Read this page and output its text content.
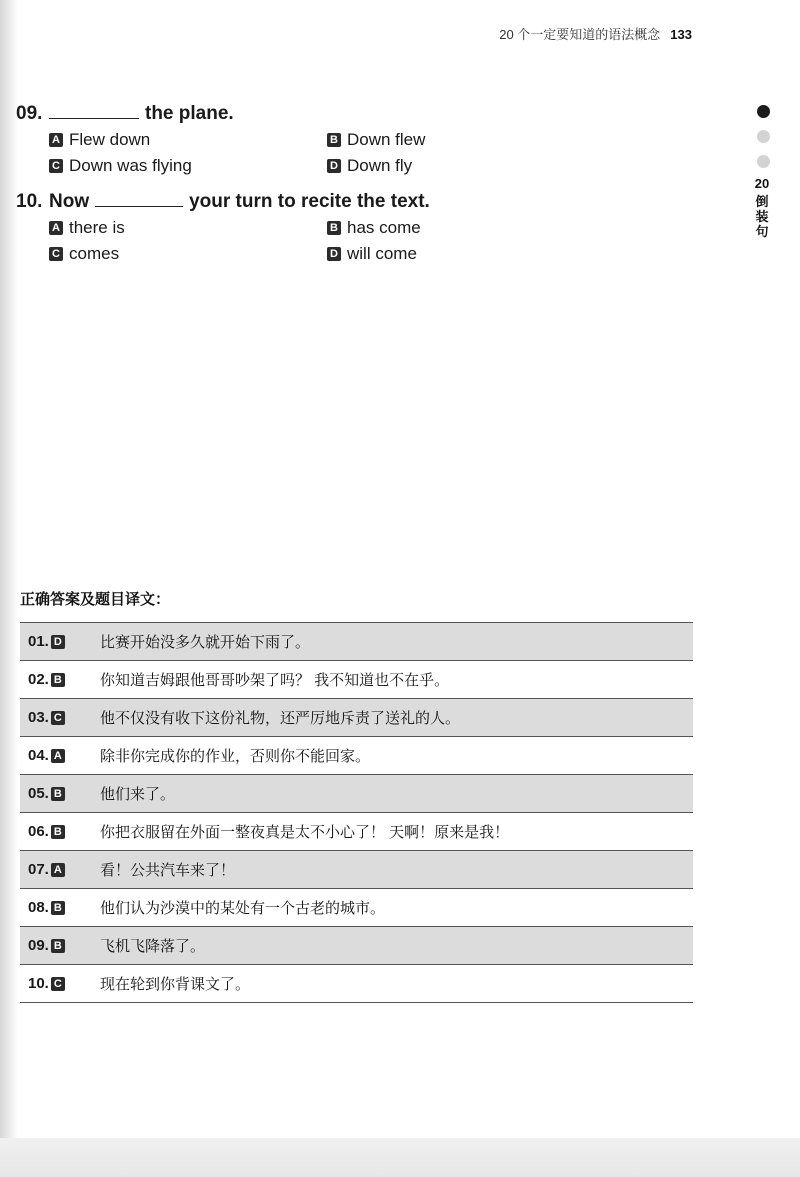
20 个一定要知道的语法概念 133
20
倒装句
09.	the plane.
A Flew down	B Down flew
C Down was flying	D Down fly
10. Now	your turn to recite the text.
A there is	B has come
C comes	D will come
正确答案及题目译文：
01. D	比赛开始没多久就开始下雨了。
02. B	你知道吉姆跟他哥哥吵架了吗？ 我不知道也不在乎。
03. C	他不仅没有收下这份礼物，还严厉地斥责了送礼的人。
04. A	除非你完成你的作业，否则你不能回家。
05. B	他们来了。
06. B	你把衣服留在外面一整夜真是太不小心了！ 天啊！原来是我！
07. A	看！公共汽车来了！
08. B	他们认为沙漠中的某处有一个古老的城市。
09. B	飞机飞降落了。
10. C	现在轮到你背课文了。
